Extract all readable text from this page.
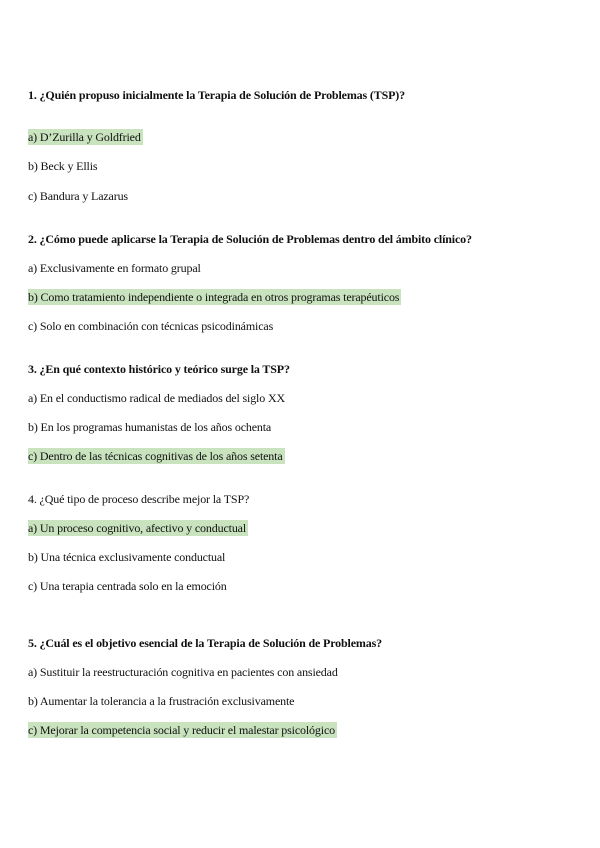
1. ¿Quién propuso inicialmente la Terapia de Solución de Problemas (TSP)?
a) D’Zurilla y Goldfried
b) Beck y Ellis
c) Bandura y Lazarus
2. ¿Cómo puede aplicarse la Terapia de Solución de Problemas dentro del ámbito clínico?
a) Exclusivamente en formato grupal
b) Como tratamiento independiente o integrada en otros programas terapéuticos
c) Solo en combinación con técnicas psicodinámicas
3. ¿En qué contexto histórico y teórico surge la TSP?
a) En el conductismo radical de mediados del siglo XX
b) En los programas humanistas de los años ochenta
c) Dentro de las técnicas cognitivas de los años setenta
4. ¿Qué tipo de proceso describe mejor la TSP?
a) Un proceso cognitivo, afectivo y conductual
b) Una técnica exclusivamente conductual
c) Una terapia centrada solo en la emoción
5. ¿Cuál es el objetivo esencial de la Terapia de Solución de Problemas?
a) Sustituir la reestructuración cognitiva en pacientes con ansiedad
b) Aumentar la tolerancia a la frustración exclusivamente
c) Mejorar la competencia social y reducir el malestar psicológico
